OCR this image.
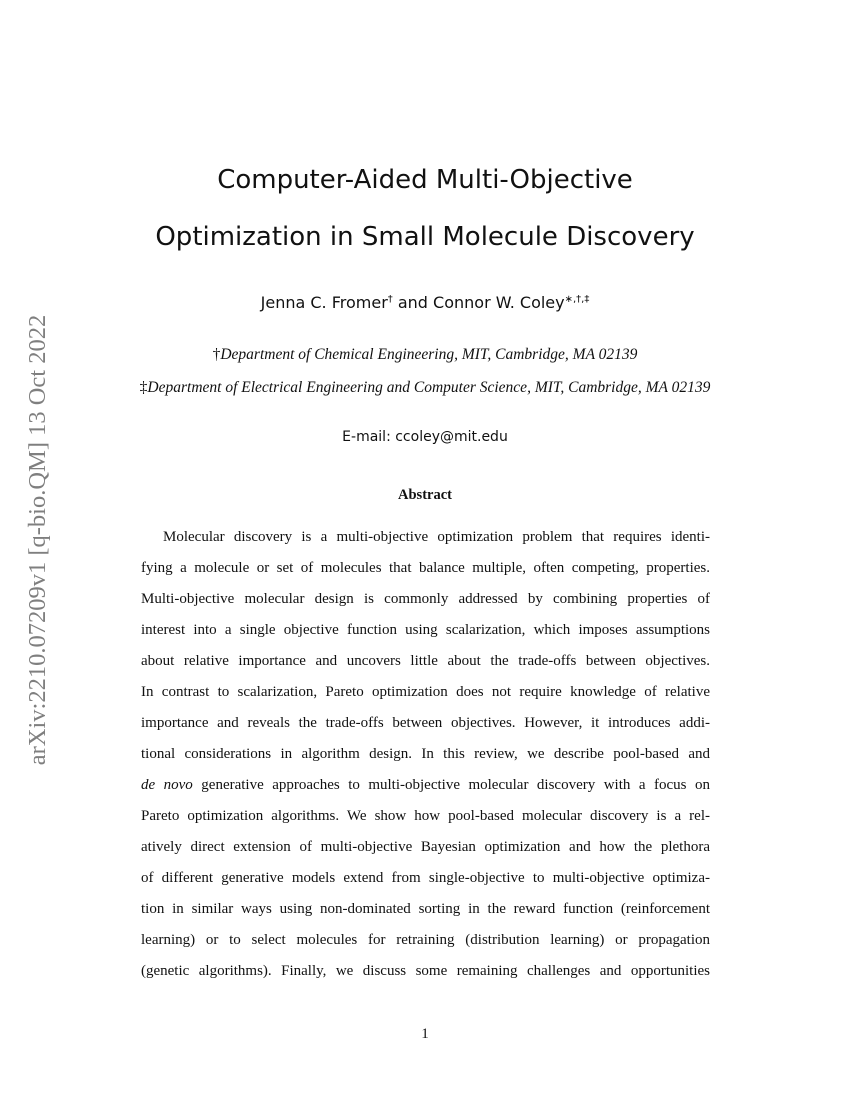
arXiv:2210.07209v1 [q-bio.QM] 13 Oct 2022
Computer-Aided Multi-Objective
Optimization in Small Molecule Discovery
Jenna C. Fromer† and Connor W. Coley∗,†,‡
†Department of Chemical Engineering, MIT, Cambridge, MA 02139
‡Department of Electrical Engineering and Computer Science, MIT, Cambridge, MA 02139
E-mail: ccoley@mit.edu
Abstract
Molecular discovery is a multi-objective optimization problem that requires identi-
fying a molecule or set of molecules that balance multiple, often competing, properties.
Multi-objective molecular design is commonly addressed by combining properties of
interest into a single objective function using scalarization, which imposes assumptions
about relative importance and uncovers little about the trade-offs between objectives.
In contrast to scalarization, Pareto optimization does not require knowledge of relative
importance and reveals the trade-offs between objectives. However, it introduces addi-
tional considerations in algorithm design. In this review, we describe pool-based and
de novo generative approaches to multi-objective molecular discovery with a focus on
Pareto optimization algorithms. We show how pool-based molecular discovery is a rel-
atively direct extension of multi-objective Bayesian optimization and how the plethora
of different generative models extend from single-objective to multi-objective optimiza-
tion in similar ways using non-dominated sorting in the reward function (reinforcement
learning) or to select molecules for retraining (distribution learning) or propagation
(genetic algorithms). Finally, we discuss some remaining challenges and opportunities
1
